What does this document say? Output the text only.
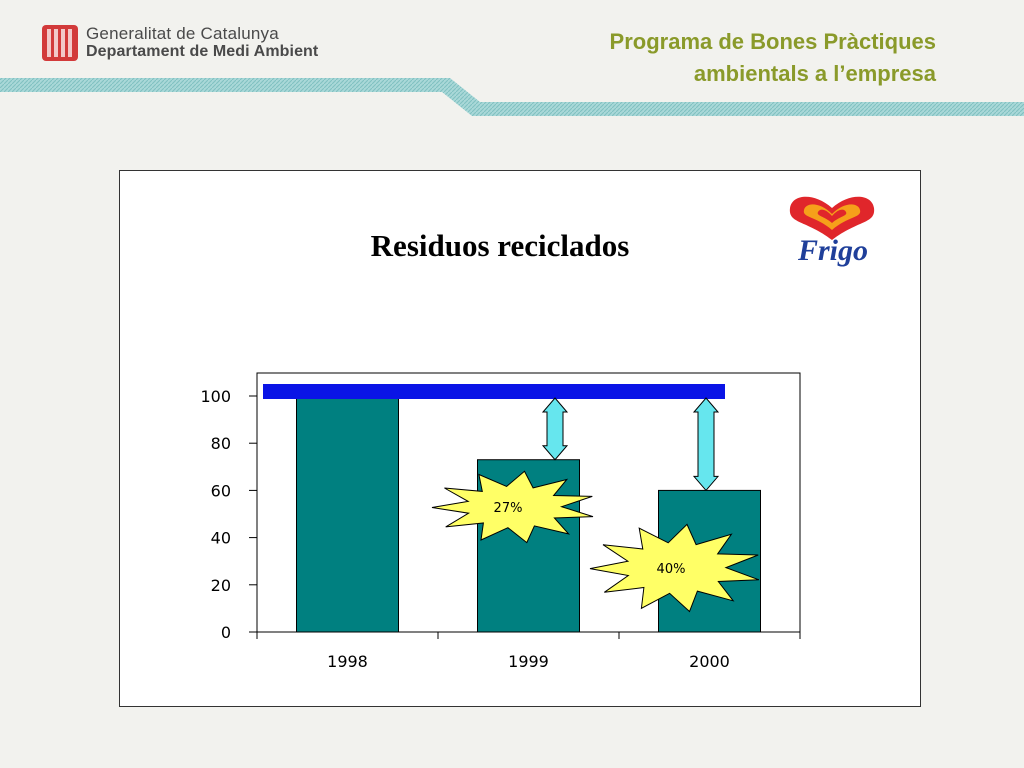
Generalitat de Catalunya
Departament de Medi Ambient	Programa de Bones Pràctiques
ambientals a l’empresa
Residuos reciclados	Frigo
0
20
40
60
80
100
1998	1999	2000
27%
40%
